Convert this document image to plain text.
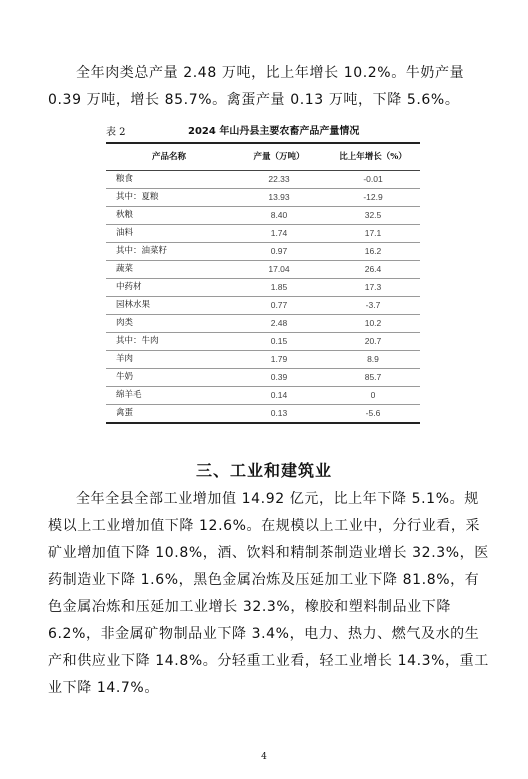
全年肉类总产量 2.48 万吨，比上年增长 10.2%。牛奶产量 0.39 万吨，增长 85.7%。禽蛋产量 0.13 万吨，下降 5.6%。

表 2	2024 年山丹县主要农畜产品产量情况
产品名称	产量（万吨）	比上年增长（%）
粮食	22.33	-0.01
其中：夏粮	13.93	-12.9
秋粮	8.40	32.5
油料	1.74	17.1
其中：油菜籽	0.97	16.2
蔬菜	17.04	26.4
中药材	1.85	17.3
园林水果	0.77	-3.7
肉类	2.48	10.2
其中：牛肉	0.15	20.7
羊肉	1.79	8.9
牛奶	0.39	85.7
绵羊毛	0.14	0
禽蛋	0.13	-5.6
三、工业和建筑业

全年全县全部工业增加值 14.92 亿元，比上年下降 5.1%。规模以上工业增加值下降 12.6%。在规模以上工业中，分行业看，采矿业增加值下降 10.8%，酒、饮料和精制茶制造业增长 32.3%，医药制造业下降 1.6%，黑色金属冶炼及压延加工业下降 81.8%，有色金属冶炼和压延加工业增长 32.3%，橡胶和塑料制品业下降 6.2%，非金属矿物制品业下降 3.4%，电力、热力、燃气及水的生产和供应业下降 14.8%。分轻重工业看，轻工业增长 14.3%，重工业下降 14.7%。

4
